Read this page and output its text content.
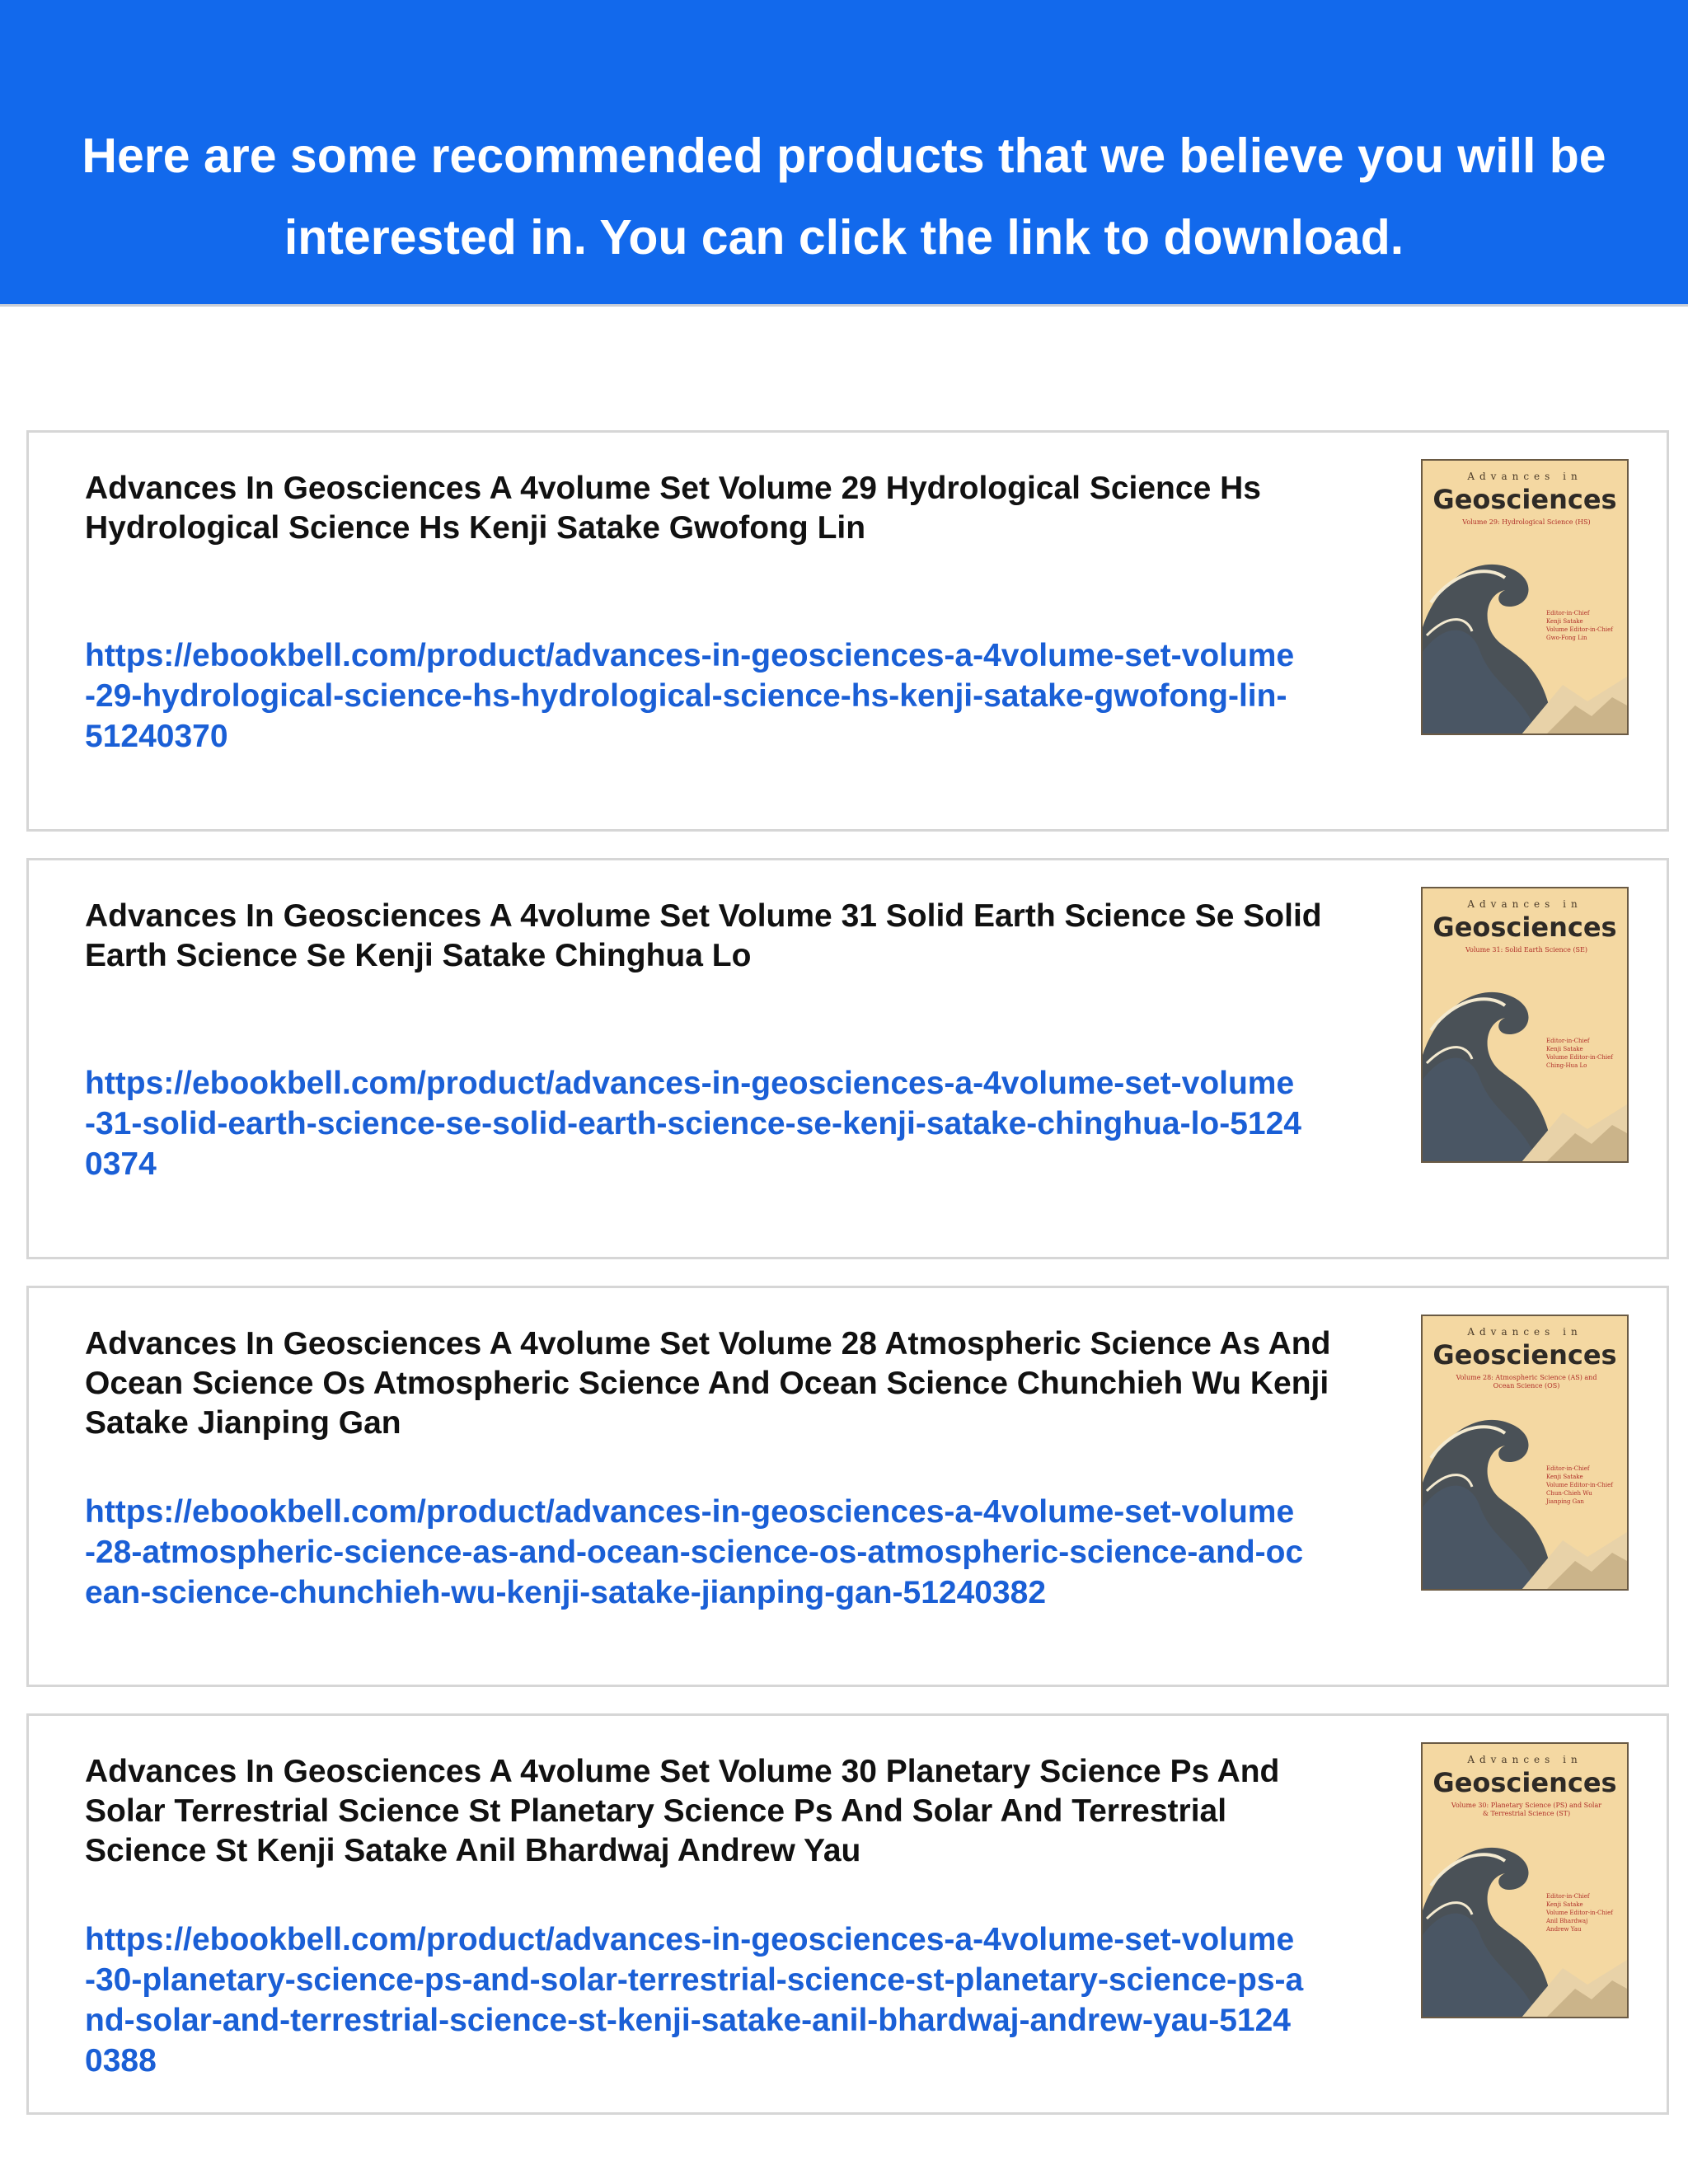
Here are some recommended products that we believe you will be interested in. You can click the link to download.

Advances In Geosciences A 4volume Set Volume 29 Hydrological Science Hs Hydrological Science Hs Kenji Satake Gwofong Lin

https://ebookbell.com/product/advances-in-geosciences-a-4volume-set-volume-29-hydrological-science-hs-hydrological-science-hs-kenji-satake-gwofong-lin-51240370
Advances in
Geosciences
Volume 29: Hydrological Science (HS)
Editor-in-Chief
Kenji Satake
Volume Editor-in-Chief
Gwo-Fong Lin

Advances In Geosciences A 4volume Set Volume 31 Solid Earth Science Se Solid Earth Science Se Kenji Satake Chinghua Lo

https://ebookbell.com/product/advances-in-geosciences-a-4volume-set-volume-31-solid-earth-science-se-solid-earth-science-se-kenji-satake-chinghua-lo-51240374
Advances in
Geosciences
Volume 31: Solid Earth Science (SE)
Editor-in-Chief
Kenji Satake
Volume Editor-in-Chief
Ching-Hua Lo

Advances In Geosciences A 4volume Set Volume 28 Atmospheric Science As And Ocean Science Os Atmospheric Science And Ocean Science Chunchieh Wu Kenji Satake Jianping Gan

https://ebookbell.com/product/advances-in-geosciences-a-4volume-set-volume-28-atmospheric-science-as-and-ocean-science-os-atmospheric-science-and-ocean-science-chunchieh-wu-kenji-satake-jianping-gan-51240382
Advances in
Geosciences
Volume 28: Atmospheric Science (AS) and Ocean Science (OS)
Editor-in-Chief
Kenji Satake
Volume Editor-in-Chief
Chun-Chieh Wu
Jianping Gan

Advances In Geosciences A 4volume Set Volume 30 Planetary Science Ps And Solar Terrestrial Science St Planetary Science Ps And Solar And Terrestrial Science St Kenji Satake Anil Bhardwaj Andrew Yau

https://ebookbell.com/product/advances-in-geosciences-a-4volume-set-volume-30-planetary-science-ps-and-solar-terrestrial-science-st-planetary-science-ps-and-solar-and-terrestrial-science-st-kenji-satake-anil-bhardwaj-andrew-yau-51240388
Advances in
Geosciences
Volume 30: Planetary Science (PS) and Solar & Terrestrial Science (ST)
Editor-in-Chief
Kenji Satake
Volume Editor-in-Chief
Anil Bhardwaj
Andrew Yau
